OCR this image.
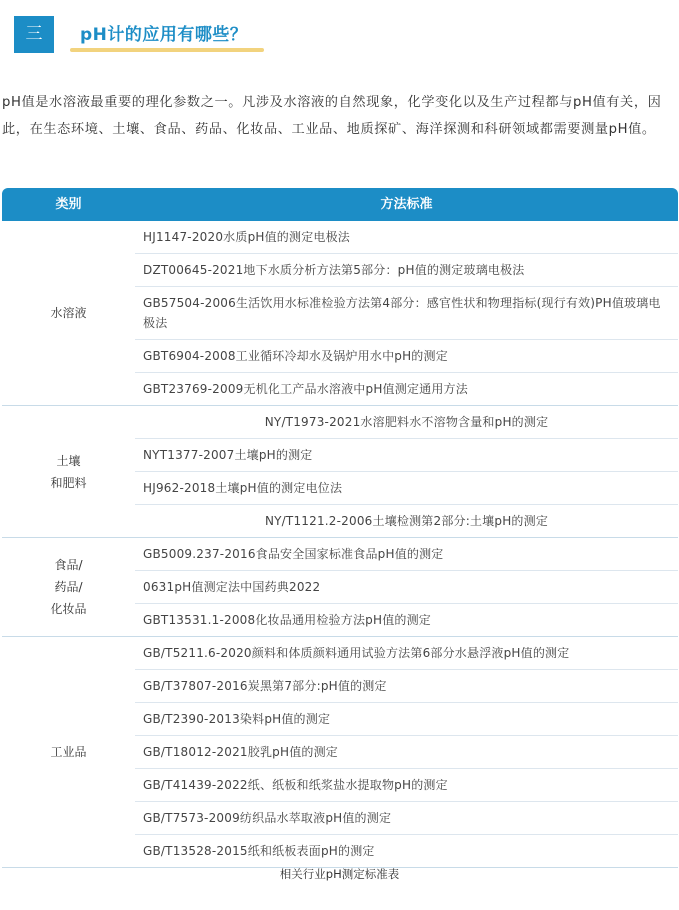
三	pH计的应用有哪些？

pH值是水溶液最重要的理化参数之一。凡涉及水溶液的自然现象，化学变化以及生产过程都与pH值有关，因此，在生态环境、土壤、食品、药品、化妆品、工业品、地质探矿、海洋探测和科研领域都需要测量pH值。

类别	方法标准
水溶液
HJ1147-2020水质pH值的测定电极法
DZT00645-2021地下水质分析方法第5部分：pH值的测定玻璃电极法
GB57504-2006生活饮用水标准检验方法第4部分：感官性状和物理指标(现行有效)PH值玻璃电极法
GBT6904-2008工业循环冷却水及锅炉用水中pH的测定
GBT23769-2009无机化工产品水溶液中pH值测定通用方法
土壤
和肥料
NY/T1973-2021水溶肥料水不溶物含量和pH的测定
NYT1377-2007土壤pH的测定
HJ962-2018土壤pH值的测定电位法
NY/T1121.2-2006土壤检测第2部分:土壤pH的测定
食品/
药品/
化妆品
GB5009.237-2016食品安全国家标准食品pH值的测定
0631pH值测定法中国药典2022
GBT13531.1-2008化妆品通用检验方法pH值的测定
工业品
GB/T5211.6-2020颜料和体质颜料通用试验方法第6部分水悬浮液pH值的测定
GB/T37807-2016炭黑第7部分:pH值的测定
GB/T2390-2013染料pH值的测定
GB/T18012-2021胶乳pH值的测定
GB/T41439-2022纸、纸板和纸浆盐水提取物pH的测定
GB/T7573-2009纺织品水萃取液pH值的测定
GB/T13528-2015纸和纸板表面pH的测定
相关行业pH测定标准表
